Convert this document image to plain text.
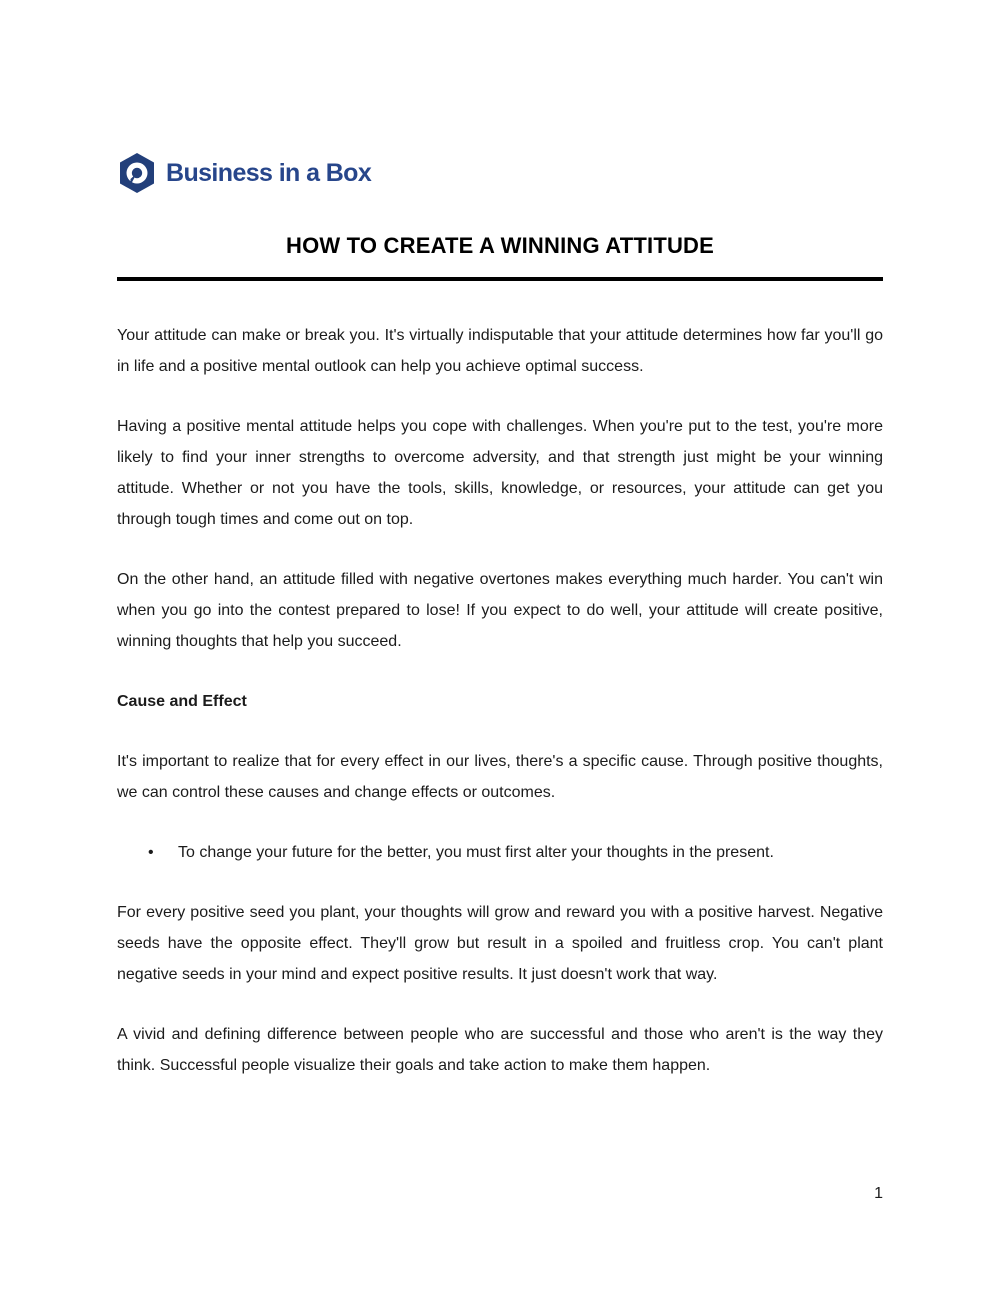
Business in a Box
HOW TO CREATE A WINNING ATTITUDE

Your attitude can make or break you. It's virtually indisputable that your attitude determines how far you'll go in life and a positive mental outlook can help you achieve optimal success.

Having a positive mental attitude helps you cope with challenges. When you're put to the test, you're more likely to find your inner strengths to overcome adversity, and that strength just might be your winning attitude. Whether or not you have the tools, skills, knowledge, or resources, your attitude can get you through tough times and come out on top.

On the other hand, an attitude filled with negative overtones makes everything much harder. You can't win when you go into the contest prepared to lose! If you expect to do well, your attitude will create positive, winning thoughts that help you succeed.

Cause and Effect

It's important to realize that for every effect in our lives, there's a specific cause. Through positive thoughts, we can control these causes and change effects or outcomes.

•	To change your future for the better, you must first alter your thoughts in the present.

For every positive seed you plant, your thoughts will grow and reward you with a positive harvest. Negative seeds have the opposite effect. They'll grow but result in a spoiled and fruitless crop. You can't plant negative seeds in your mind and expect positive results. It just doesn't work that way.

A vivid and defining difference between people who are successful and those who aren't is the way they think. Successful people visualize their goals and take action to make them happen.

1
